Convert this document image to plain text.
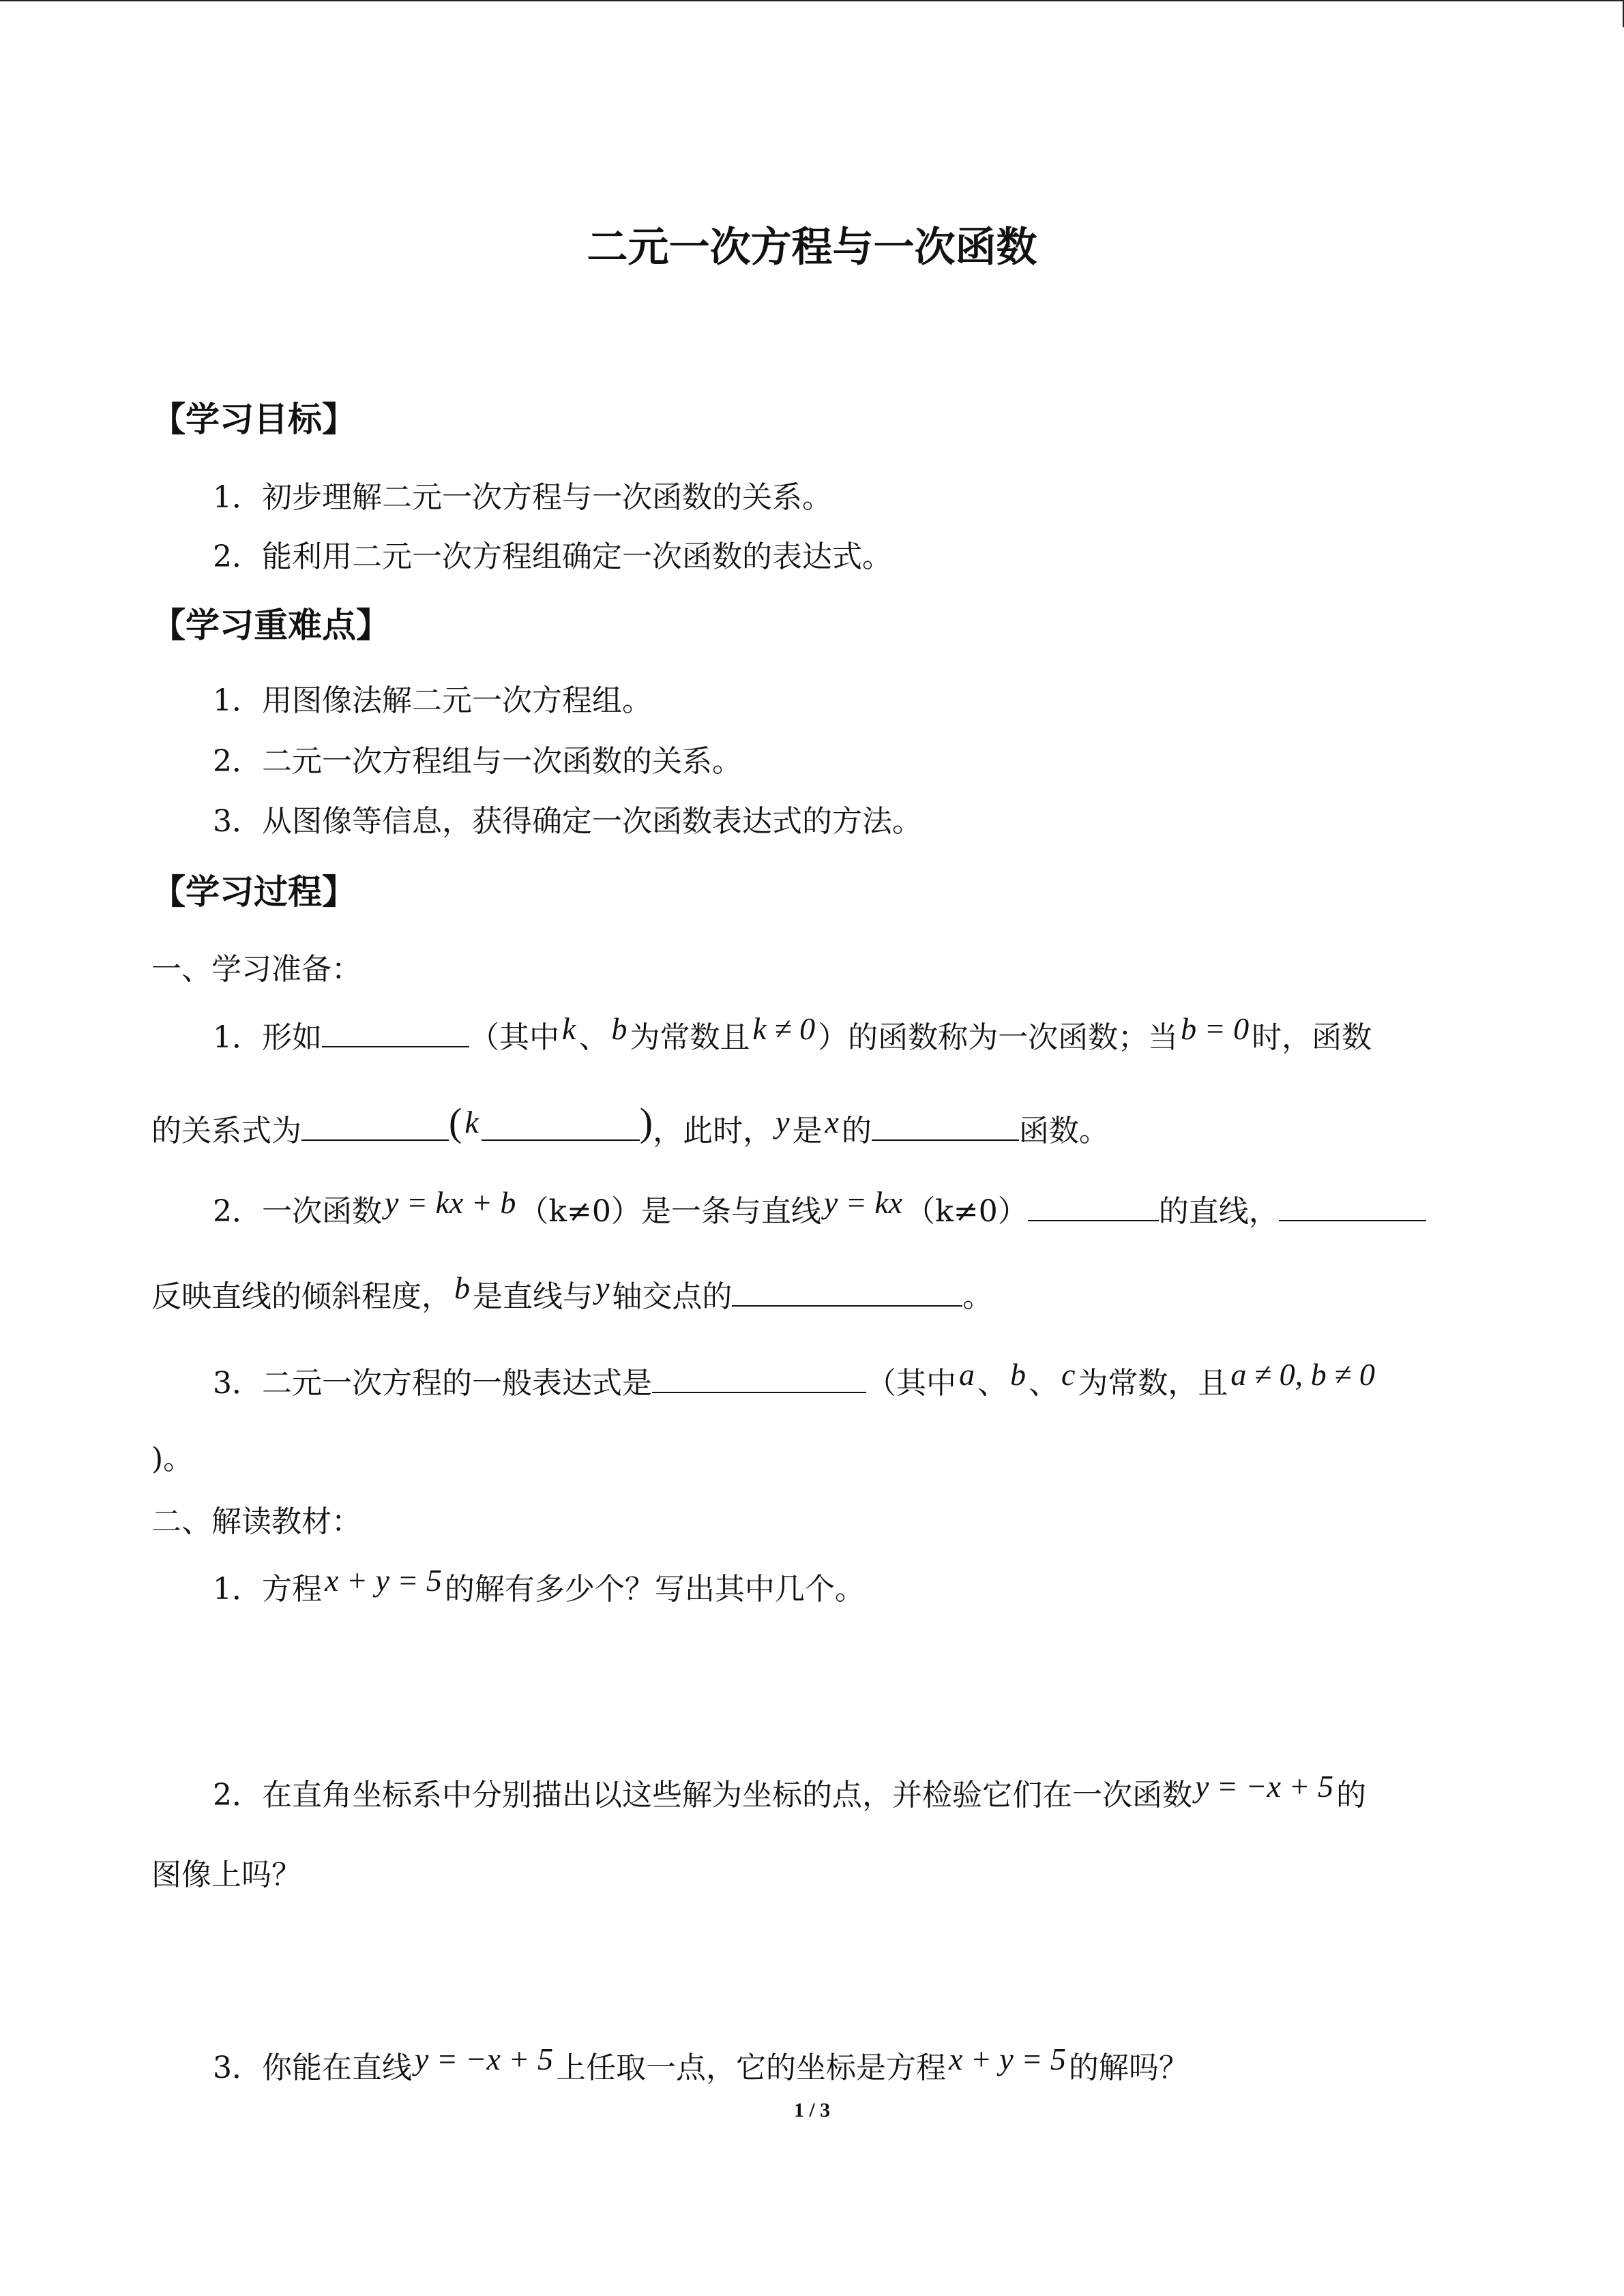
二元一次方程与一次函数
【学习目标】
1．初步理解二元一次方程与一次函数的关系。
2．能利用二元一次方程组确定一次函数的表达式。
【学习重难点】
1．用图像法解二元一次方程组。
2．二元一次方程组与一次函数的关系。
3．从图像等信息，获得确定一次函数表达式的方法。
【学习过程】
一、学习准备：
1．形如	（其中k、b为常数且k ≠ 0）的函数称为一次函数；当b = 0时，函数
的关系式为	(k	)，此时，y是x的	函数。
2．一次函数y = kx + b（k≠0）是一条与直线y = kx（k≠0）	的直线，
反映直线的倾斜程度，b是直线与y轴交点的	。
3．二元一次方程的一般表达式是	（其中a、b、c为常数，且a ≠ 0, b ≠ 0
)。
二、解读教材：
1．方程x + y = 5的解有多少个？写出其中几个。
2．在直角坐标系中分别描出以这些解为坐标的点，并检验它们在一次函数y = −x + 5的
图像上吗？
3．你能在直线y = −x + 5上任取一点，它的坐标是方程x + y = 5的解吗？
1 / 3
